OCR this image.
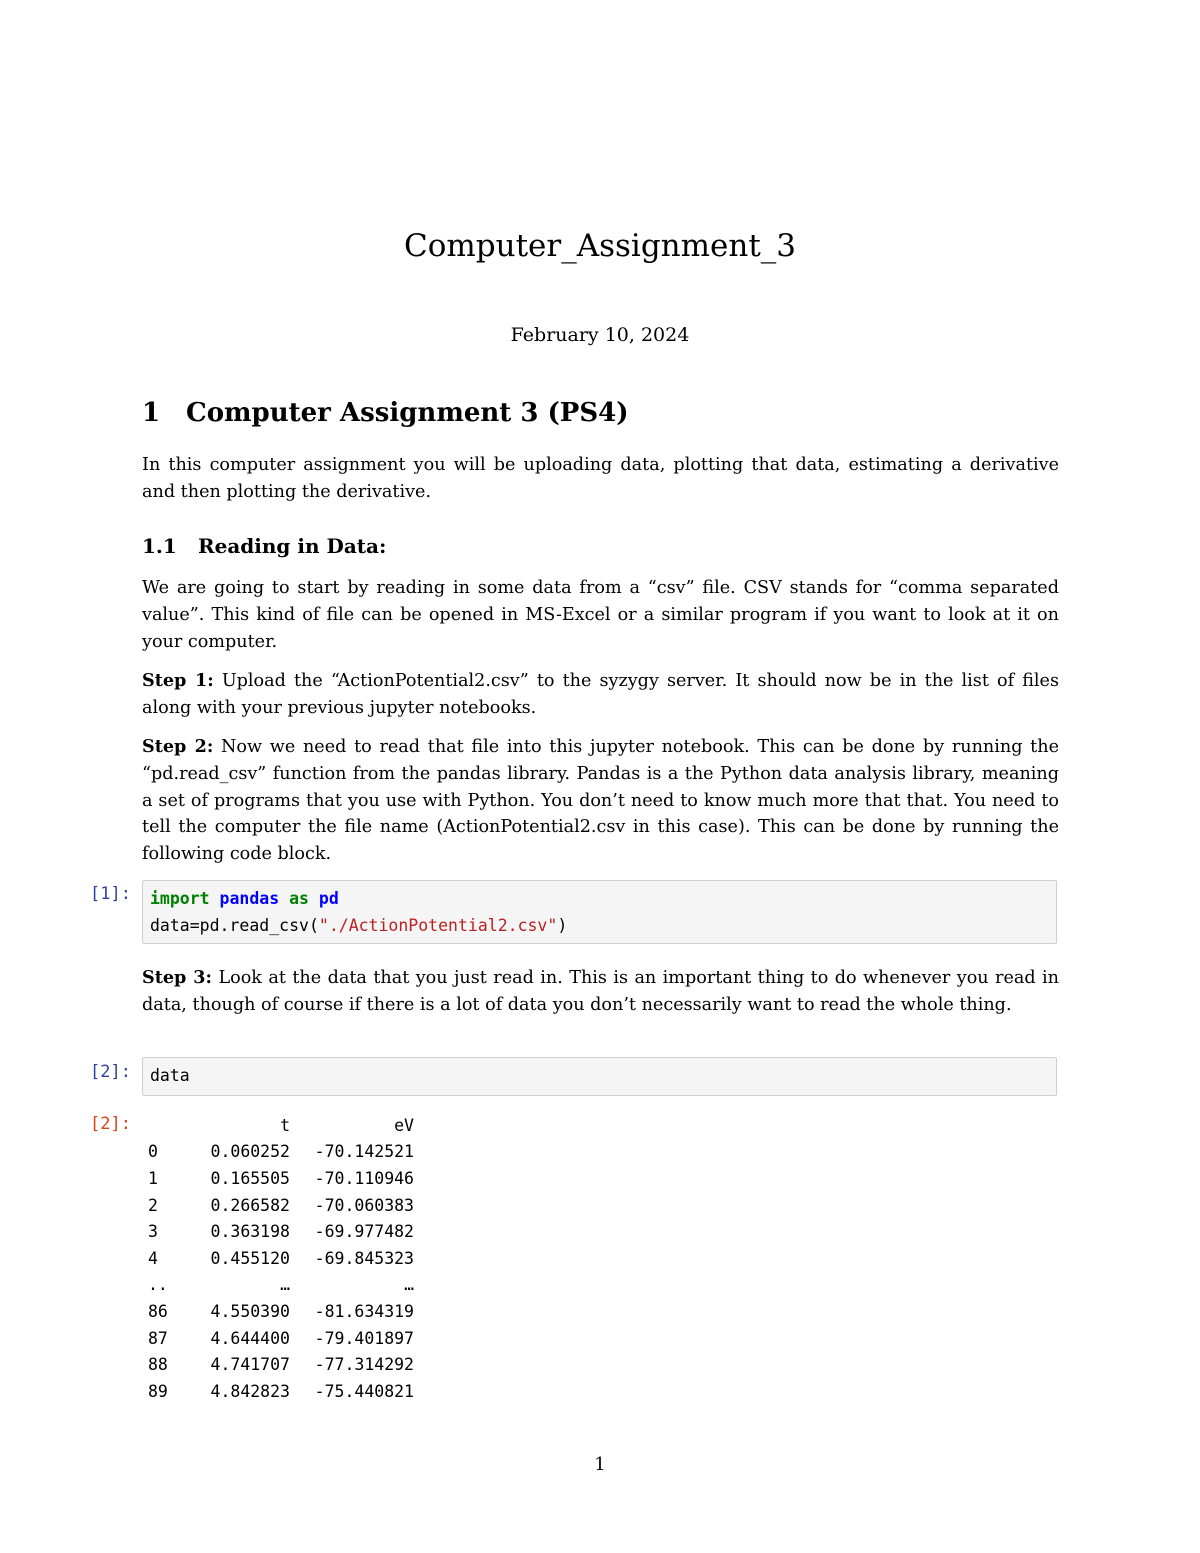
Computer_Assignment_3
February 10, 2024
1 Computer Assignment 3 (PS4)
In this computer assignment you will be uploading data, plotting that data, estimating a derivative and then plotting the derivative.
1.1 Reading in Data:
We are going to start by reading in some data from a “csv” file. CSV stands for “comma separated value”. This kind of file can be opened in MS-Excel or a similar program if you want to look at it on your computer.
Step 1: Upload the “ActionPotential2.csv” to the syzygy server. It should now be in the list of files along with your previous jupyter notebooks.
Step 2: Now we need to read that file into this jupyter notebook. This can be done by running the “pd.read_csv” function from the pandas library. Pandas is a the Python data analysis library, meaning a set of programs that you use with Python. You don’t need to know much more that that. You need to tell the computer the file name (ActionPotential2.csv in this case). This can be done by running the following code block.
[1]:	import pandas as pd
data=pd.read_csv("./ActionPotential2.csv")
Step 3: Look at the data that you just read in. This is an important thing to do whenever you read in data, though of course if there is a lot of data you don’t necessarily want to read the whole thing.
[2]:	data
[2]:
		t	eV
0	0.060252	-70.142521
1	0.165505	-70.110946
2	0.266582	-70.060383
3	0.363198	-69.977482
4	0.455120	-69.845323
..	…	…
86	4.550390	-81.634319
87	4.644400	-79.401897
88	4.741707	-77.314292
89	4.842823	-75.440821
1
